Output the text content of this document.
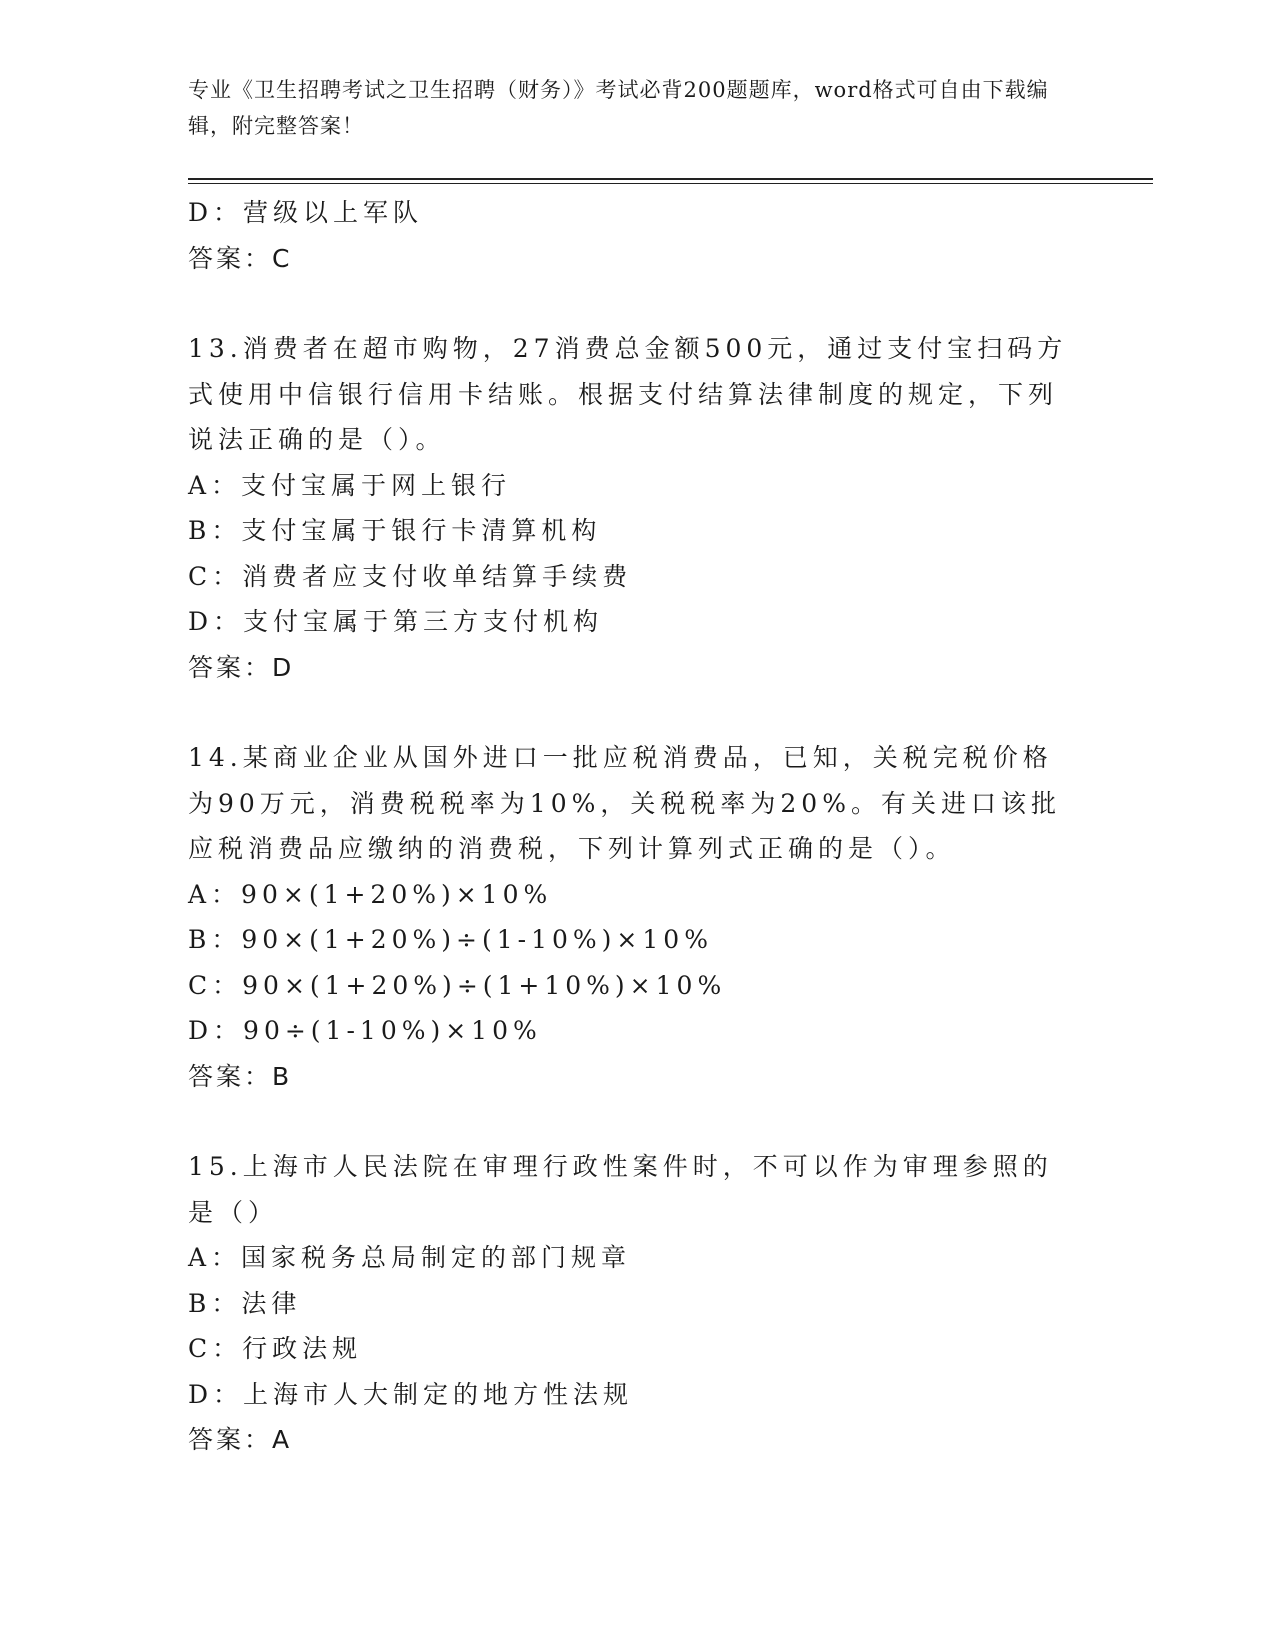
专业《卫生招聘考试之卫生招聘（财务）》考试必背200题题库，word格式可自由下载编辑，附完整答案！
D：营级以上军队
答案：C
13.消费者在超市购物，27消费总金额500元，通过支付宝扫码方式使用中信银行信用卡结账。根据支付结算法律制度的规定，下列说法正确的是（）。
A：支付宝属于网上银行
B：支付宝属于银行卡清算机构
C：消费者应支付收单结算手续费
D：支付宝属于第三方支付机构
答案：D
14.某商业企业从国外进口一批应税消费品，已知，关税完税价格为90万元，消费税税率为10%，关税税率为20%。有关进口该批应税消费品应缴纳的消费税，下列计算列式正确的是（）。
A：90×(1+20%)×10%
B：90×(1+20%)÷(1-10%)×10%
C：90×(1+20%)÷(1+10%)×10%
D：90÷(1-10%)×10%
答案：B
15.上海市人民法院在审理行政性案件时，不可以作为审理参照的是（）
A：国家税务总局制定的部门规章
B：法律
C：行政法规
D：上海市人大制定的地方性法规
答案：A
